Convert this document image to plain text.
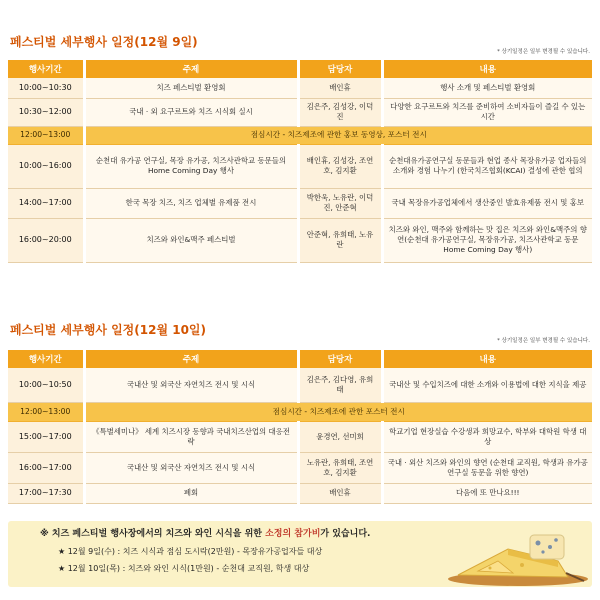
페스티벌 세부행사 일정(12월 9일)
* 상기일정은 일부 변경될 수 있습니다.
행사기간	주제	담당자	내용
10:00~10:30	치즈 페스티벌 환영회	배인휴	행사 소개 및 페스티벌 환영회
10:30~12:00	국내 · 외 요구르트와 치즈 시식회 실시	김은주, 김성강, 이덕진	다양한 요구르트와 치즈를 준비하여 소비자들이 즐길 수 있는 시간
12:00~13:00	점심시간 - 치즈제조에 관한 홍보 동영상, 포스터 전시		
10:00~16:00	순천대 유가공 연구실, 목장 유가공, 치즈사관학교 동문들의 Home Coming Day 행사	배인휴, 김성강, 조연호, 김지환	순천대유가공연구실 동문들과 현업 종사 목장유가공 업자들의 소개와 경험 나누기 (한국치즈협회(KCAI) 결성에 관한 협의
14:00~17:00	한국 목장 치즈, 치즈 업체별 유제품 전시	박한욱, 노유란, 이덕진, 안준혁	국내 목장유가공업체에서 생산중인 발효유제품 전시 및 홍보
16:00~20:00	치즈와 와인&맥주 페스티벌	안준혁, 유희태, 노유란	치즈와 와인, 맥주와 함께하는 맛 집은 치즈와 와인&맥주의 향연(순천대 유가공연구실, 목장유가공, 치즈사관학교 동문 Home Coming Day 행사)
페스티벌 세부행사 일정(12월 10일)
* 상기일정은 일부 변경될 수 있습니다.
행사기간	주제	담당자	내용
10:00~10:50	국내산 및 외국산 자연치즈 전시 및 시식	김은주, 김다영, 유희태	국내산 및 수입치즈에 대한 소개와 이용법에 대한 지식을 제공
12:00~13:00	점심시간 - 치즈제조에 관한 포스터 전시		
15:00~17:00	《특별세미나》 세계 치즈시장 동향과 국내치즈산업의 대응전략	윤경연, 선미희	학교기업 현장실습 수강생과 희망교수, 학부와 대학원 학생 대상
16:00~17:00	국내산 및 외국산 자연치즈 전시 및 시식	노유란, 유희태, 조연호, 김지환	국내 · 외산 치즈와 와인의 향연 (순천대 교직원, 학생과 유가공연구실 동문을 위한 향연)
17:00~17:30	폐회	배인휴	다음에 또 만나요!!!
※ 치즈 페스티벌 행사장에서의 치즈와 와인 시식을 위한 소정의 참가비가 있습니다.
★ 12월 9일(수) : 치즈 시식과 점심 도시락(2만원) - 목장유가공업자들 대상
★ 12월 10일(목) : 치즈와 와인 시식(1만원) - 순천대 교직원, 학생 대상
